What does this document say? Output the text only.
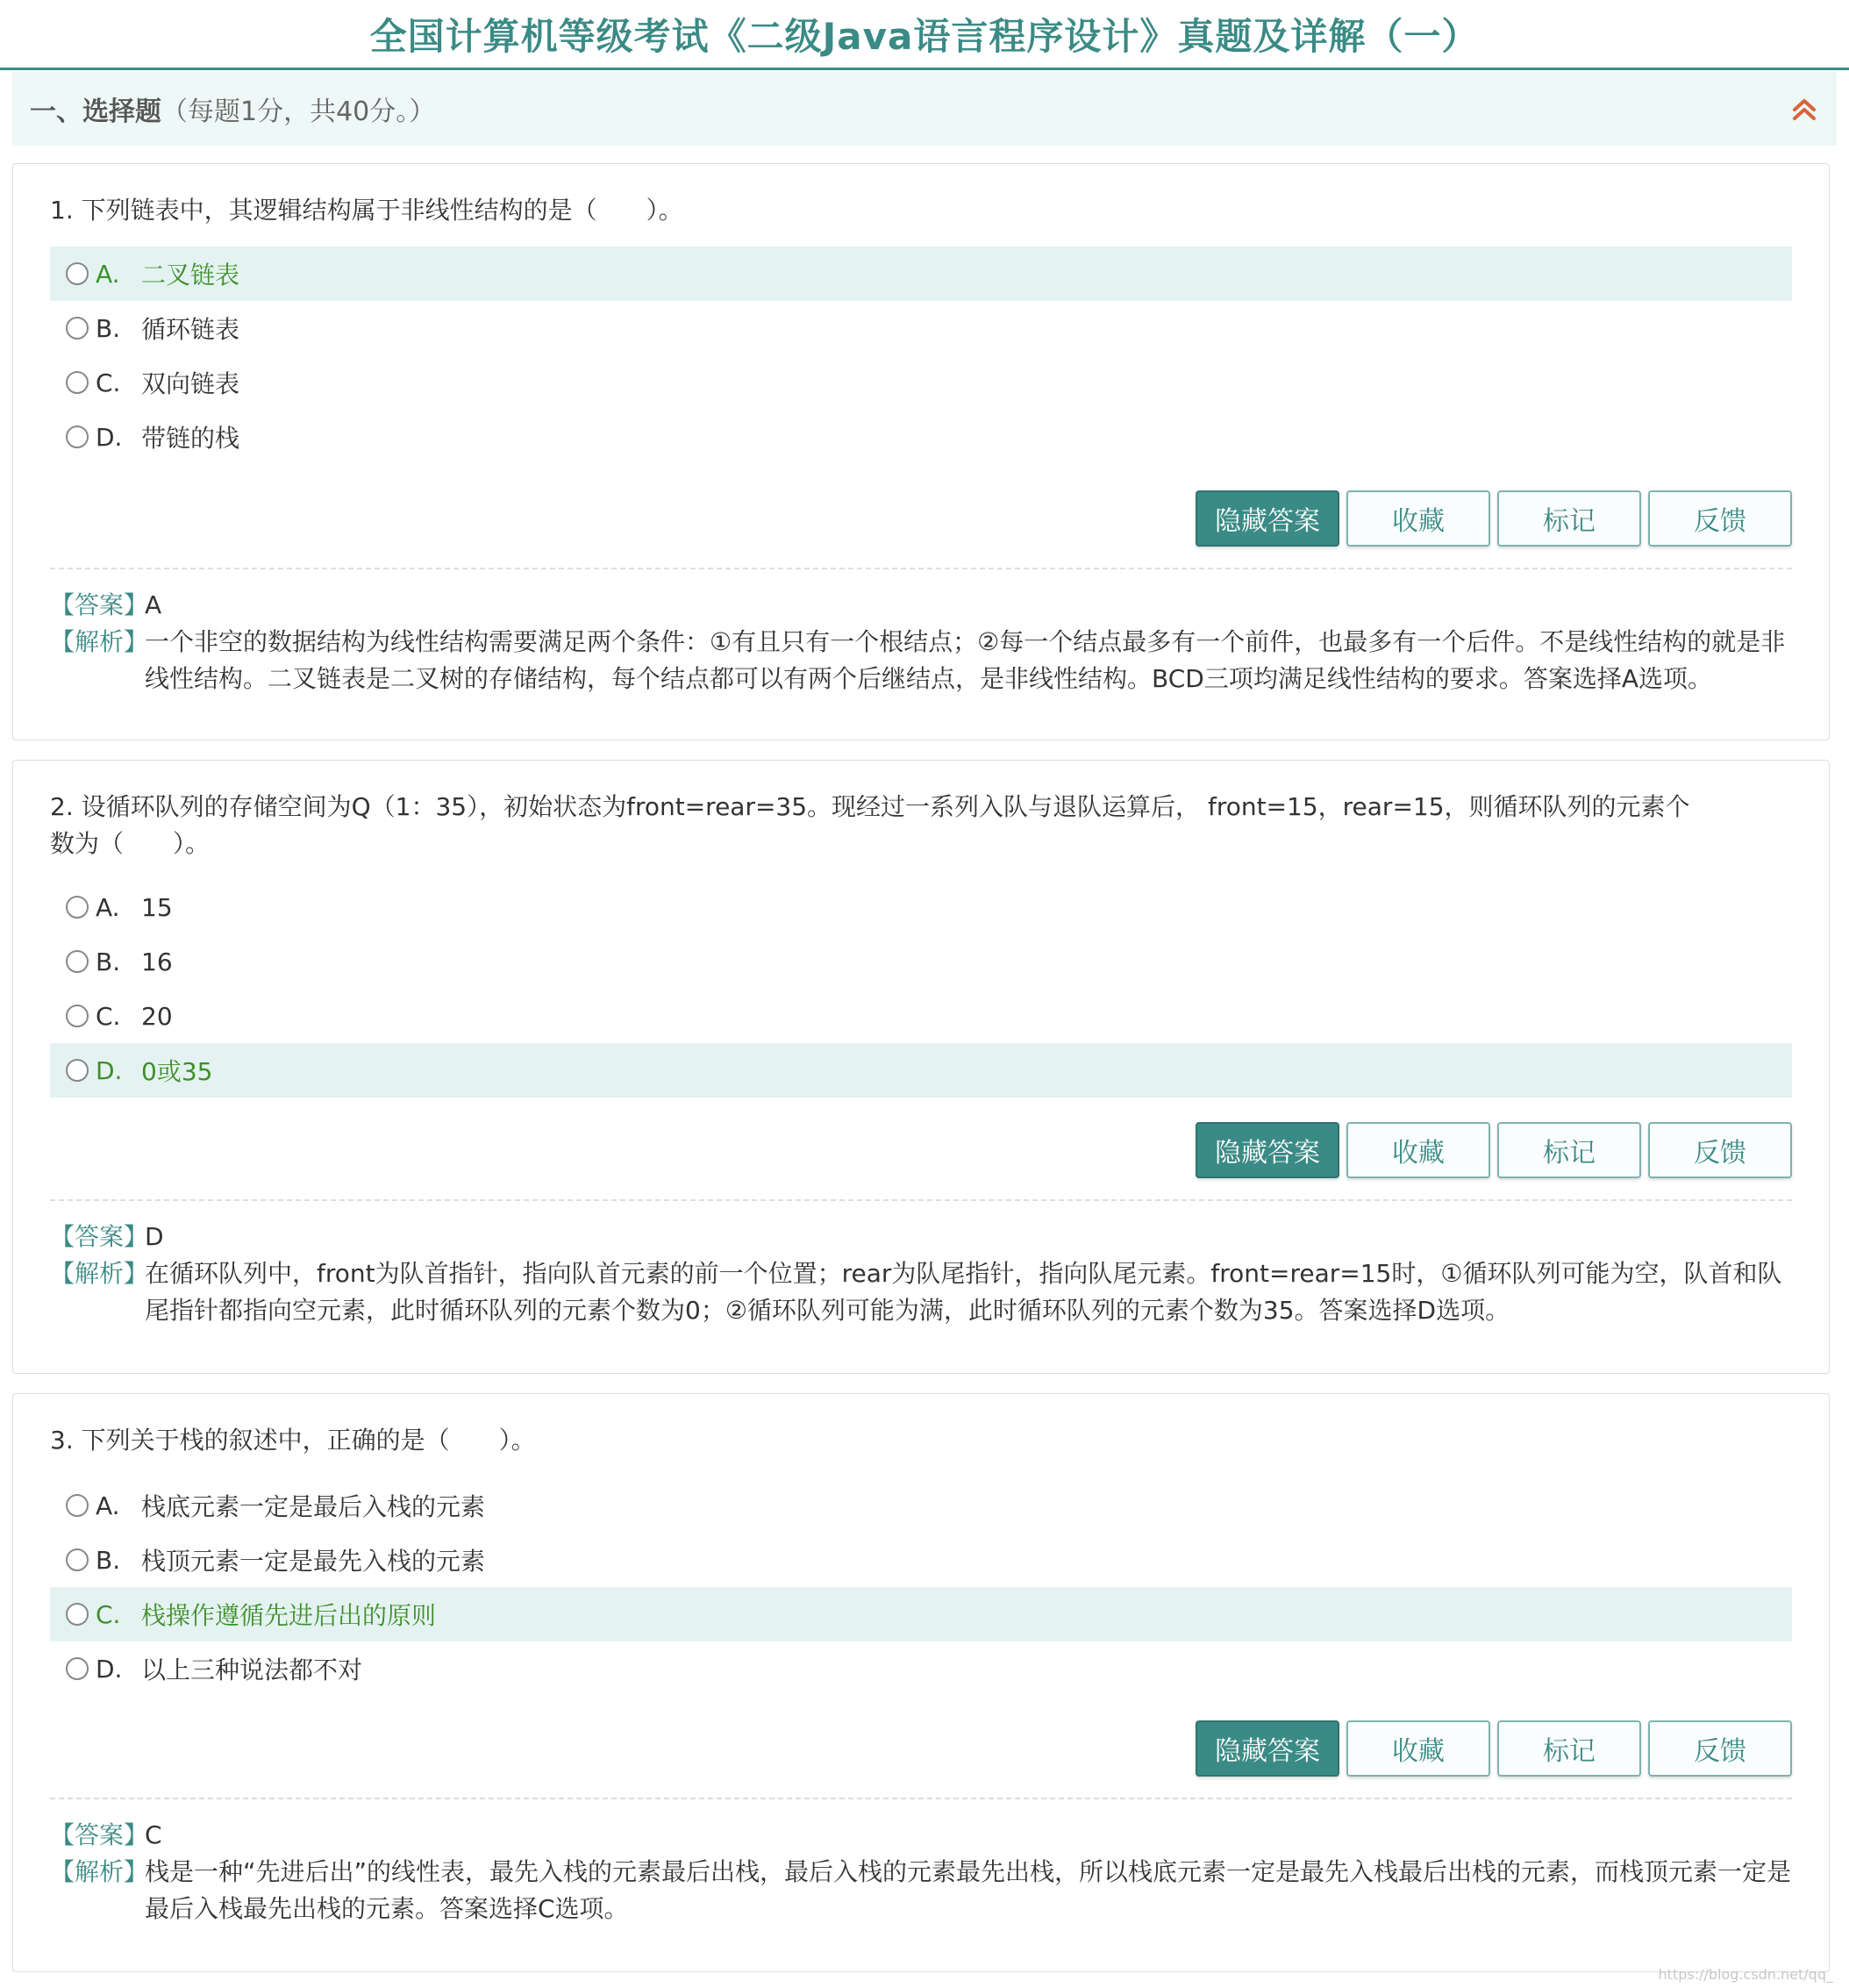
全国计算机等级考试《二级Java语言程序设计》真题及详解（一）
一、选择题（每题1分，共40分。）
1. 下列链表中，其逻辑结构属于非线性结构的是（　　）。
A. 二叉链表
B. 循环链表
C. 双向链表
D. 带链的栈
隐藏答案	收藏	标记	反馈
【答案】
A
【解析】
一个非空的数据结构为线性结构需要满足两个条件：①有且只有一个根结点；②每一个结点最多有一个前件，也最多有一个后件。不是线性结构的就是非线性结构。二叉链表是二叉树的存储结构，每个结点都可以有两个后继结点，是非线性结构。BCD三项均满足线性结构的要求。答案选择A选项。
2. 设循环队列的存储空间为Q（1：35），初始状态为front=rear=35。现经过一系列入队与退队运算后， front=15，rear=15，则循环队列的元素个数为（　　）。
A. 15
B. 16
C. 20
D. 0或35
隐藏答案	收藏	标记	反馈
【答案】
D
【解析】
在循环队列中，front为队首指针，指向队首元素的前一个位置；rear为队尾指针，指向队尾元素。front=rear=15时，①循环队列可能为空，队首和队尾指针都指向空元素，此时循环队列的元素个数为0；②循环队列可能为满，此时循环队列的元素个数为35。答案选择D选项。
3. 下列关于栈的叙述中，正确的是（　　）。
A. 栈底元素一定是最后入栈的元素
B. 栈顶元素一定是最先入栈的元素
C. 栈操作遵循先进后出的原则
D. 以上三种说法都不对
隐藏答案	收藏	标记	反馈
【答案】
C
【解析】
栈是一种“先进后出”的线性表，最先入栈的元素最后出栈，最后入栈的元素最先出栈，所以栈底元素一定是最先入栈最后出栈的元素，而栈顶元素一定是最后入栈最先出栈的元素。答案选择C选项。
https://blog.csdn.net/qq_
